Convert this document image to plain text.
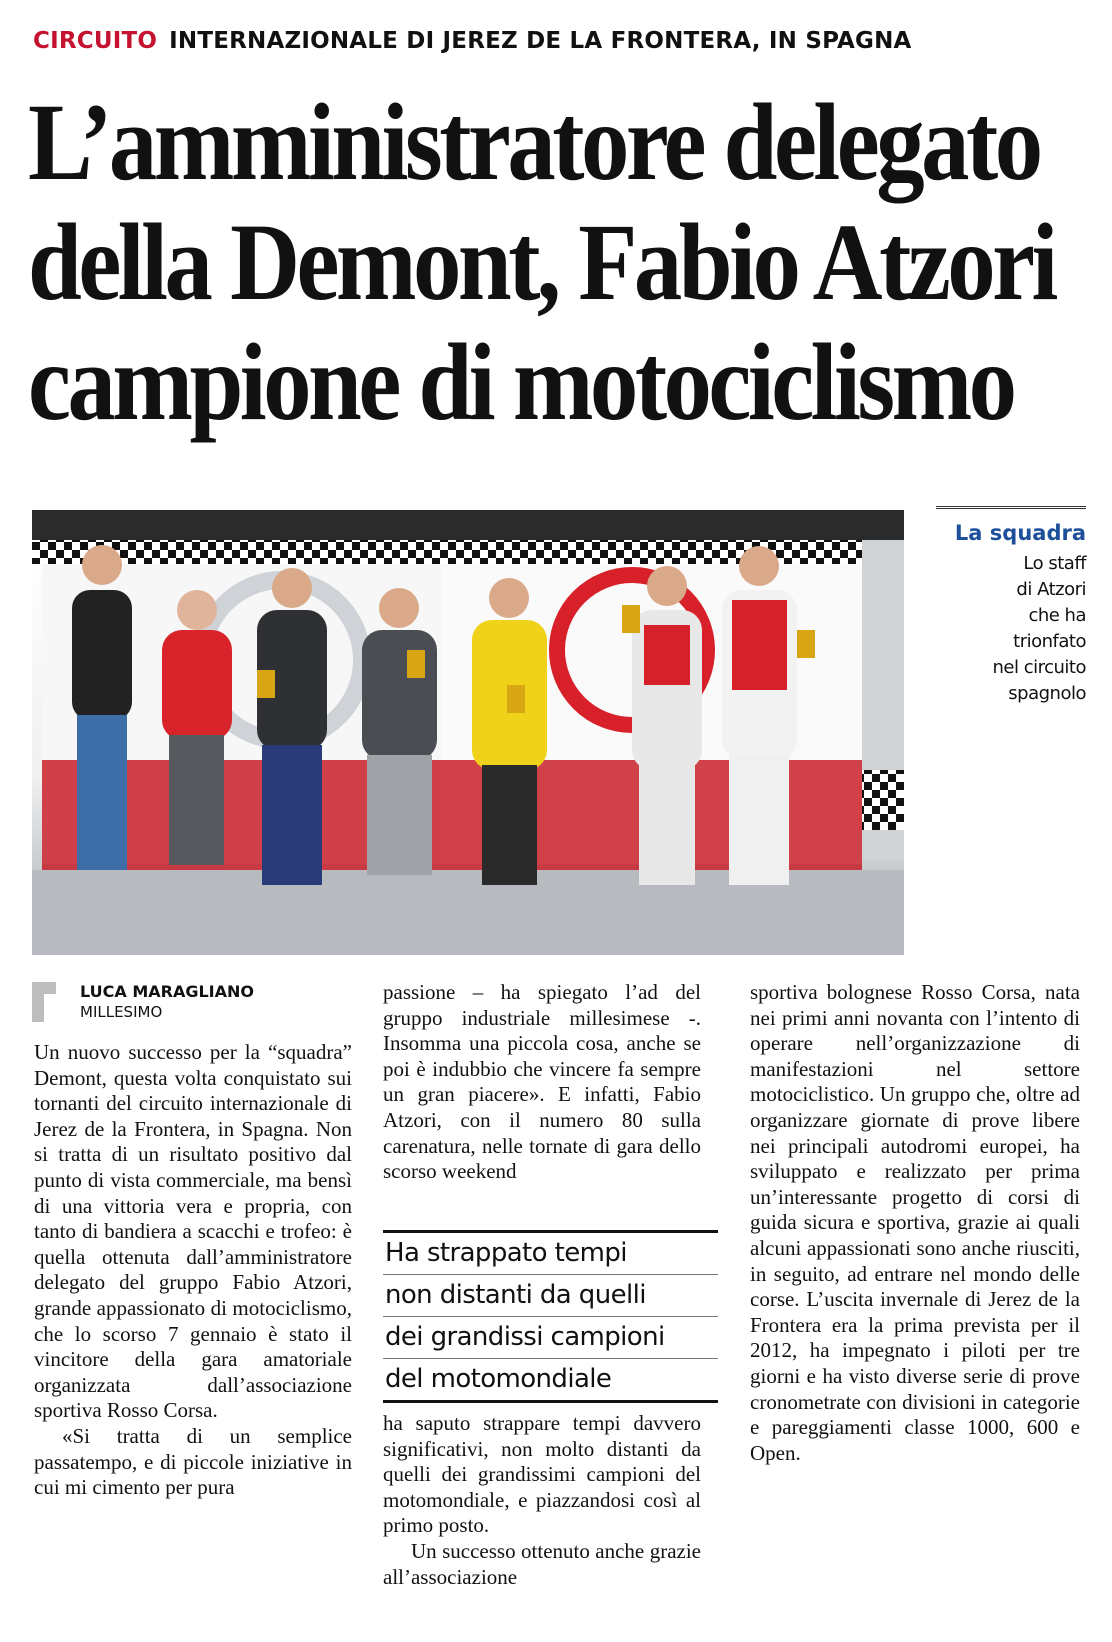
CIRCUITO INTERNAZIONALE DI JEREZ DE LA FRONTERA, IN SPAGNA
L’amministratore delegato
della Demont, Fabio Atzori
campione di motociclismo
La squadra
Lo staff
di Atzori
che ha
trionfato
nel circuito
spagnolo
LUCA MARAGLIANO
MILLESIMO

Un nuovo successo per la “squadra” Demont, questa volta conquistato sui tornanti del circuito internazionale di Jerez de la Frontera, in Spagna. Non si tratta di un risultato positivo dal punto di vista commerciale, ma bensì di una vittoria vera e propria, con tanto di bandiera a scacchi e trofeo: è quella ottenuta dall’amministratore delegato del gruppo Fabio Atzori, grande appassionato di motociclismo, che lo scorso 7 gennaio è stato il vincitore della gara amatoriale organizzata dall’associazione sportiva Rosso Corsa.

«Si tratta di un semplice passatempo, e di piccole iniziative in cui mi cimento per pura

passione – ha spiegato l’ad del gruppo industriale millesimese -. Insomma una piccola cosa, anche se poi è indubbio che vincere fa sempre un gran piacere». E infatti, Fabio Atzori, con il numero 80 sulla carenatura, nelle tornate di gara dello scorso weekend

Ha strappato tempi
non distanti da quelli
dei grandissi campioni
del motomondiale

ha saputo strappare tempi davvero significativi, non molto distanti da quelli dei grandissimi campioni del motomondiale, e piazzandosi così al primo posto.

Un successo ottenuto anche grazie all’associazione

sportiva bolognese Rosso Corsa, nata nei primi anni novanta con l’intento di operare nell’organizzazione di manifestazioni nel settore motociclistico. Un gruppo che, oltre ad organizzare giornate di prove libere nei principali autodromi europei, ha sviluppato e realizzato per prima un’interessante progetto di corsi di guida sicura e sportiva, grazie ai quali alcuni appassionati sono anche riusciti, in seguito, ad entrare nel mondo delle corse. L’uscita invernale di Jerez de la Frontera era la prima prevista per il 2012, ha impegnato i piloti per tre giorni e ha visto diverse serie di prove cronometrate con divisioni in categorie e pareggiamenti classe 1000, 600 e Open.
